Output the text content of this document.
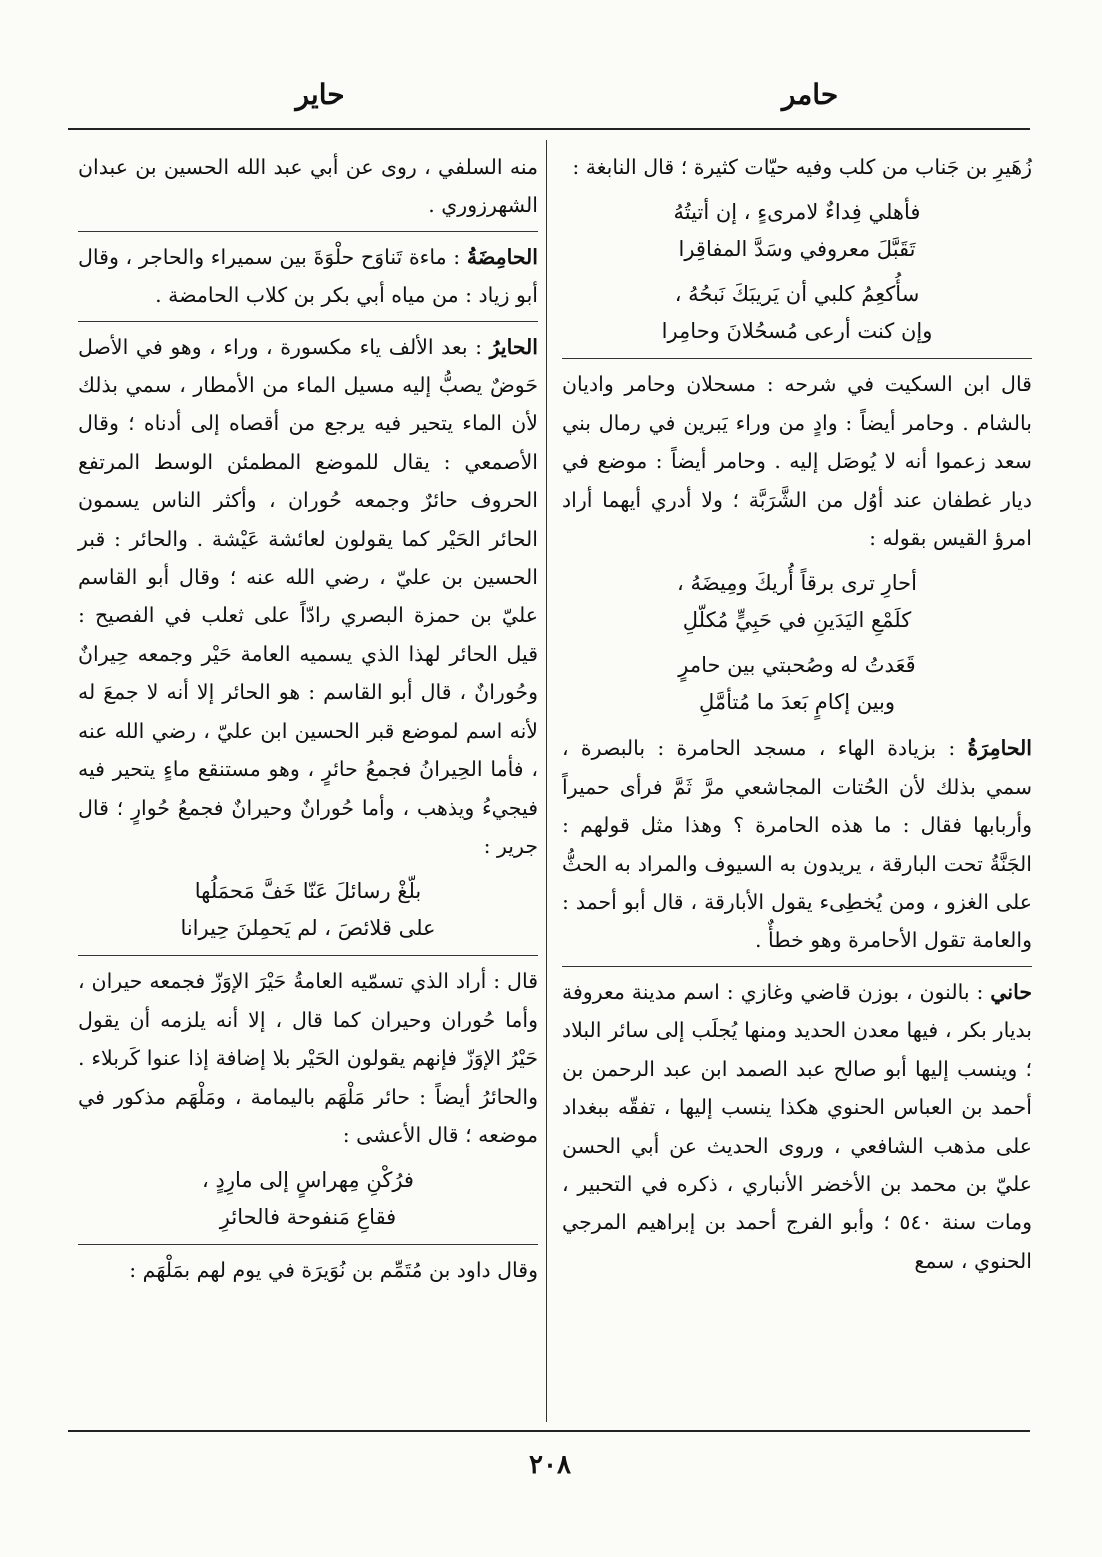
حامر
حاير

زُهَيرِ بن جَناب من كلب وفيه حيّات كثيرة ؛ قال النابغة :

فأهلي فِداءٌ لامرىءٍ ، إن أتيتُهُ
تَقَبَّلَ معروفي وسَدَّ المفاقِرا
سأُكعِمُ كلبي أن يَريبَكَ نَبحُهُ ،
وإن كنت أرعى مُسحُلانَ وحامِرا

قال ابن السكيت في شرحه : مسحلان وحامر واديان بالشام . وحامر أيضاً : وادٍ من وراء يَبرين في رمال بني سعد زعموا أنه لا يُوصَل إليه . وحامر أيضاً : موضع في ديار غطفان عند أوُل من الشَّرَبَّة ؛ ولا أدري أيهما أراد امرؤ القيس بقوله :

أحارِ ترى برقاً أُريكَ ومِيضَهُ ،
كلَمْعِ اليَدَينِ في حَبِيٍّ مُكلّلِ
قَعَدتُ له وصُحبتي بين حامرٍ
وبين إكامٍ بَعدَ ما مُتأمَّلِ

الحامِرَةُ : بزيادة الهاء ، مسجد الحامرة : بالبصرة ، سمي بذلك لأن الحُتات المجاشعي مرَّ ثَمَّ فرأى حميراً وأربابها فقال : ما هذه الحامرة ؟ وهذا مثل قولهم : الجَنَّةُ تحت البارقة ، يريدون به السيوف والمراد به الحثُّ على الغزو ، ومن يُخطِىء يقول الأبارقة ، قال أبو أحمد : والعامة تقول الأحامرة وهو خطأٌ .

حاني : بالنون ، بوزن قاضي وغازي : اسم مدينة معروفة بديار بكر ، فيها معدن الحديد ومنها يُجلَب إلى سائر البلاد ؛ وينسب إليها أبو صالح عبد الصمد ابن عبد الرحمن بن أحمد بن العباس الحنوي هكذا ينسب إليها ، تفقّه ببغداد على مذهب الشافعي ، وروى الحديث عن أبي الحسن عليّ بن محمد بن الأخضر الأنباري ، ذكره في التحبير ، ومات سنة ٥٤٠ ؛ وأبو الفرج أحمد بن إبراهيم المرجي الحنوي ، سمع

منه السلفي ، روى عن أبي عبد الله الحسين بن عبدان الشهرزوري .

الحامِضَةُ : ماءة تَناوَح حلْوَةَ بين سميراء والحاجر ، وقال أبو زياد : من مياه أبي بكر بن كلاب الحامضة .

الحايرُ : بعد الألف ياء مكسورة ، وراء ، وهو في الأصل حَوضٌ يصبُّ إليه مسيل الماء من الأمطار ، سمي بذلك لأن الماء يتحير فيه يرجع من أقصاه إلى أدناه ؛ وقال الأصمعي : يقال للموضع المطمئن الوسط المرتفع الحروف حائرٌ وجمعه حُوران ، وأكثر الناس يسمون الحائر الحَيْر كما يقولون لعائشة عَيْشة . والحائر : قبر الحسين بن عليّ ، رضي الله عنه ؛ وقال أبو القاسم عليّ بن حمزة البصري رادّاً على ثعلب في الفصيح : قيل الحائر لهذا الذي يسميه العامة حَيْر وجمعه حِيرانٌ وحُورانٌ ، قال أبو القاسم : هو الحائر إلا أنه لا جمعَ له لأنه اسم لموضع قبر الحسين ابن عليّ ، رضي الله عنه ، فأما الحِيرانُ فجمعُ حائرٍ ، وهو مستنقع ماءٍ يتحير فيه فيجيءُ ويذهب ، وأما حُورانٌ وحيرانٌ فجمعُ حُوارٍ ؛ قال جرير :

بلّغْ رسائلَ عَنّا خَفَّ مَحمَلُها
على قلائصَ ، لم يَحمِلنَ حِيرانا

قال : أراد الذي تسمّيه العامةُ حَيْرَ الإوَزّ فجمعه حيران ، وأما حُوران وحيران كما قال ، إلا أنه يلزمه أن يقول حَيْرُ الإوَزّ فإنهم يقولون الحَيْر بلا إضافة إذا عنوا كَربلاء . والحائرُ أيضاً : حائر مَلْهَم باليمامة ، ومَلْهَم مذكور في موضعه ؛ قال الأعشى :

فرُكْنِ مِهراسٍ إلى مارِدٍ ،
فقاعِ مَنفوحة فالحائرِ

وقال داود بن مُتَمِّم بن نُوَيرَة في يوم لهم بمَلْهَم :

٢٠٨
